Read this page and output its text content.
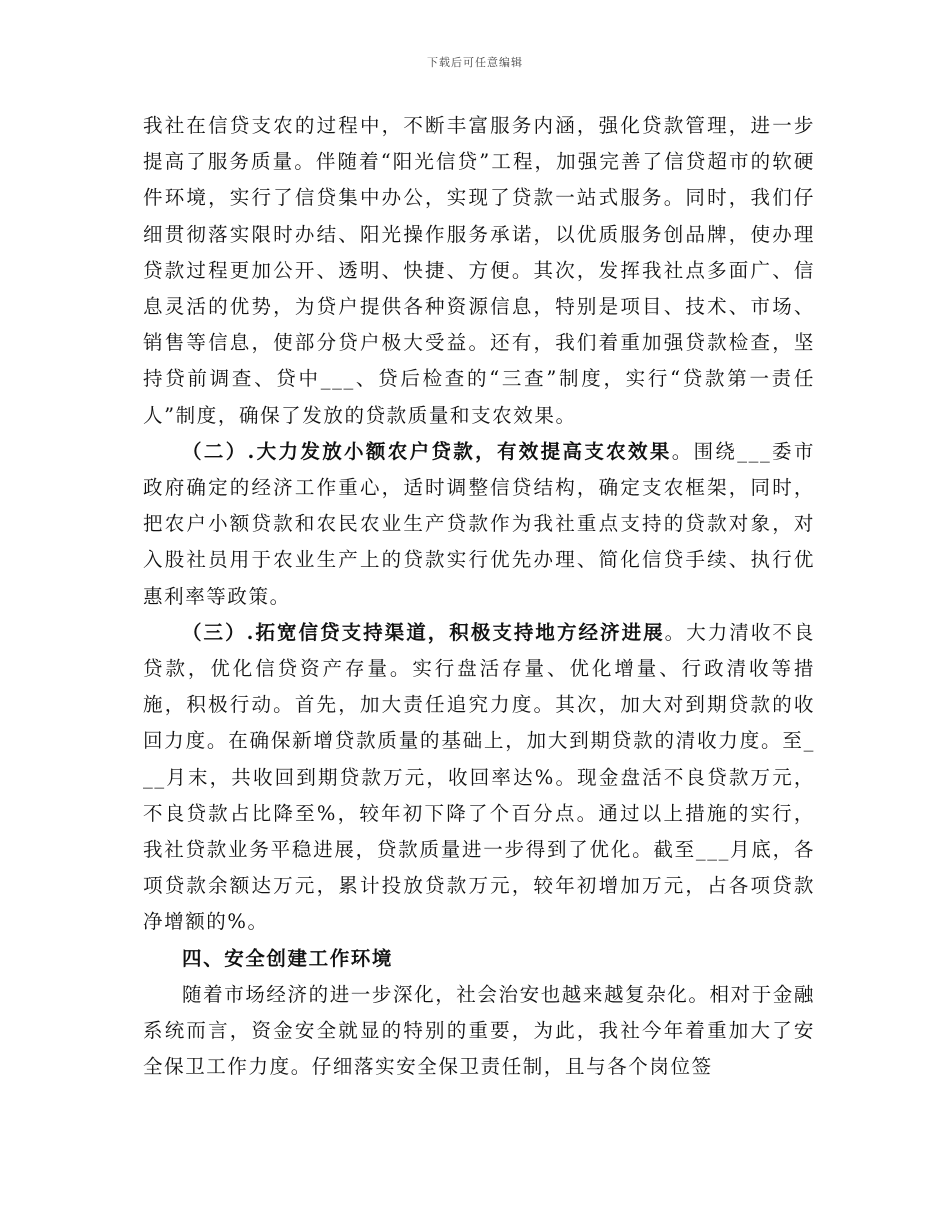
下载后可任意编辑

我社在信贷支农的过程中，不断丰富服务内涵，强化贷款管理，进一步提高了服务质量。伴随着“阳光信贷”工程，加强完善了信贷超市的软硬件环境，实行了信贷集中办公，实现了贷款一站式服务。同时，我们仔细贯彻落实限时办结、阳光操作服务承诺，以优质服务创品牌，使办理贷款过程更加公开、透明、快捷、方便。其次，发挥我社点多面广、信息灵活的优势，为贷户提供各种资源信息，特别是项目、技术、市场、销售等信息，使部分贷户极大受益。还有，我们着重加强贷款检查，坚持贷前调查、贷中___、贷后检查的“三查”制度，实行“贷款第一责任人”制度，确保了发放的贷款质量和支农效果。

（二）.大力发放小额农户贷款，有效提高支农效果。围绕___委市政府确定的经济工作重心，适时调整信贷结构，确定支农框架，同时，把农户小额贷款和农民农业生产贷款作为我社重点支持的贷款对象，对入股社员用于农业生产上的贷款实行优先办理、简化信贷手续、执行优惠利率等政策。

（三）.拓宽信贷支持渠道，积极支持地方经济进展。大力清收不良贷款，优化信贷资产存量。实行盘活存量、优化增量、行政清收等措施，积极行动。首先，加大责任追究力度。其次，加大对到期贷款的收回力度。在确保新增贷款质量的基础上，加大到期贷款的清收力度。至___月末，共收回到期贷款万元，收回率达%。现金盘活不良贷款万元，不良贷款占比降至%，较年初下降了个百分点。通过以上措施的实行，我社贷款业务平稳进展，贷款质量进一步得到了优化。截至___月底，各项贷款余额达万元，累计投放贷款万元，较年初增加万元，占各项贷款净增额的%。

四、安全创建工作环境

随着市场经济的进一步深化，社会治安也越来越复杂化。相对于金融系统而言，资金安全就显的特别的重要，为此，我社今年着重加大了安全保卫工作力度。仔细落实安全保卫责任制，且与各个岗位签
